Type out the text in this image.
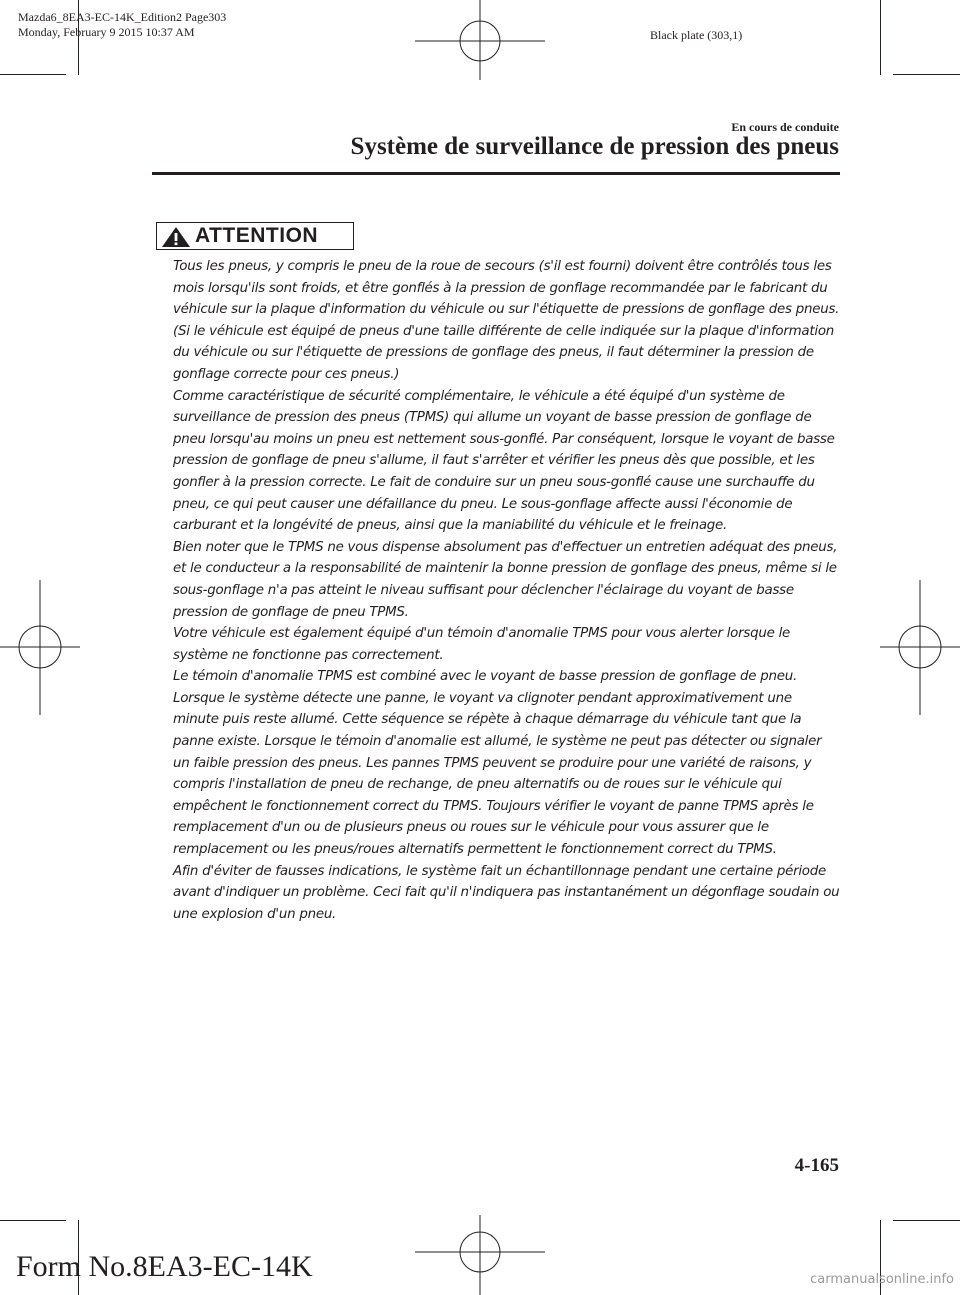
Mazda6_8EA3-EC-14K_Edition2 Page303
Monday, February 9 2015 10:37 AM	Black plate (303,1)
En cours de conduite
Système de surveillance de pression des pneus
ATTENTION

Tous les pneus, y compris le pneu de la roue de secours (s'il est fourni) doivent être contrôlés tous les mois lorsqu'ils sont froids, et être gonflés à la pression de gonflage recommandée par le fabricant du véhicule sur la plaque d'information du véhicule ou sur l'étiquette de pressions de gonflage des pneus. (Si le véhicule est équipé de pneus d'une taille différente de celle indiquée sur la plaque d'information du véhicule ou sur l'étiquette de pressions de gonflage des pneus, il faut déterminer la pression de gonflage correcte pour ces pneus.)

Comme caractéristique de sécurité complémentaire, le véhicule a été équipé d'un système de surveillance de pression des pneus (TPMS) qui allume un voyant de basse pression de gonflage de pneu lorsqu'au moins un pneu est nettement sous-gonflé. Par conséquent, lorsque le voyant de basse pression de gonflage de pneu s'allume, il faut s'arrêter et vérifier les pneus dès que possible, et les gonfler à la pression correcte. Le fait de conduire sur un pneu sous-gonflé cause une surchauffe du pneu, ce qui peut causer une défaillance du pneu. Le sous-gonflage affecte aussi l'économie de carburant et la longévité de pneus, ainsi que la maniabilité du véhicule et le freinage.

Bien noter que le TPMS ne vous dispense absolument pas d'effectuer un entretien adéquat des pneus, et le conducteur a la responsabilité de maintenir la bonne pression de gonflage des pneus, même si le sous-gonflage n'a pas atteint le niveau suffisant pour déclencher l'éclairage du voyant de basse pression de gonflage de pneu TPMS.

Votre véhicule est également équipé d'un témoin d'anomalie TPMS pour vous alerter lorsque le système ne fonctionne pas correctement.

Le témoin d'anomalie TPMS est combiné avec le voyant de basse pression de gonflage de pneu. Lorsque le système détecte une panne, le voyant va clignoter pendant approximativement une minute puis reste allumé. Cette séquence se répète à chaque démarrage du véhicule tant que la panne existe. Lorsque le témoin d'anomalie est allumé, le système ne peut pas détecter ou signaler un faible pression des pneus. Les pannes TPMS peuvent se produire pour une variété de raisons, y compris l'installation de pneu de rechange, de pneu alternatifs ou de roues sur le véhicule qui empêchent le fonctionnement correct du TPMS. Toujours vérifier le voyant de panne TPMS après le remplacement d'un ou de plusieurs pneus ou roues sur le véhicule pour vous assurer que le remplacement ou les pneus/roues alternatifs permettent le fonctionnement correct du TPMS.

Afin d'éviter de fausses indications, le système fait un échantillonnage pendant une certaine période avant d'indiquer un problème. Ceci fait qu'il n'indiquera pas instantanément un dégonflage soudain ou une explosion d'un pneu.

4-165
Form No.8EA3-EC-14K	carmanualsonline.info
